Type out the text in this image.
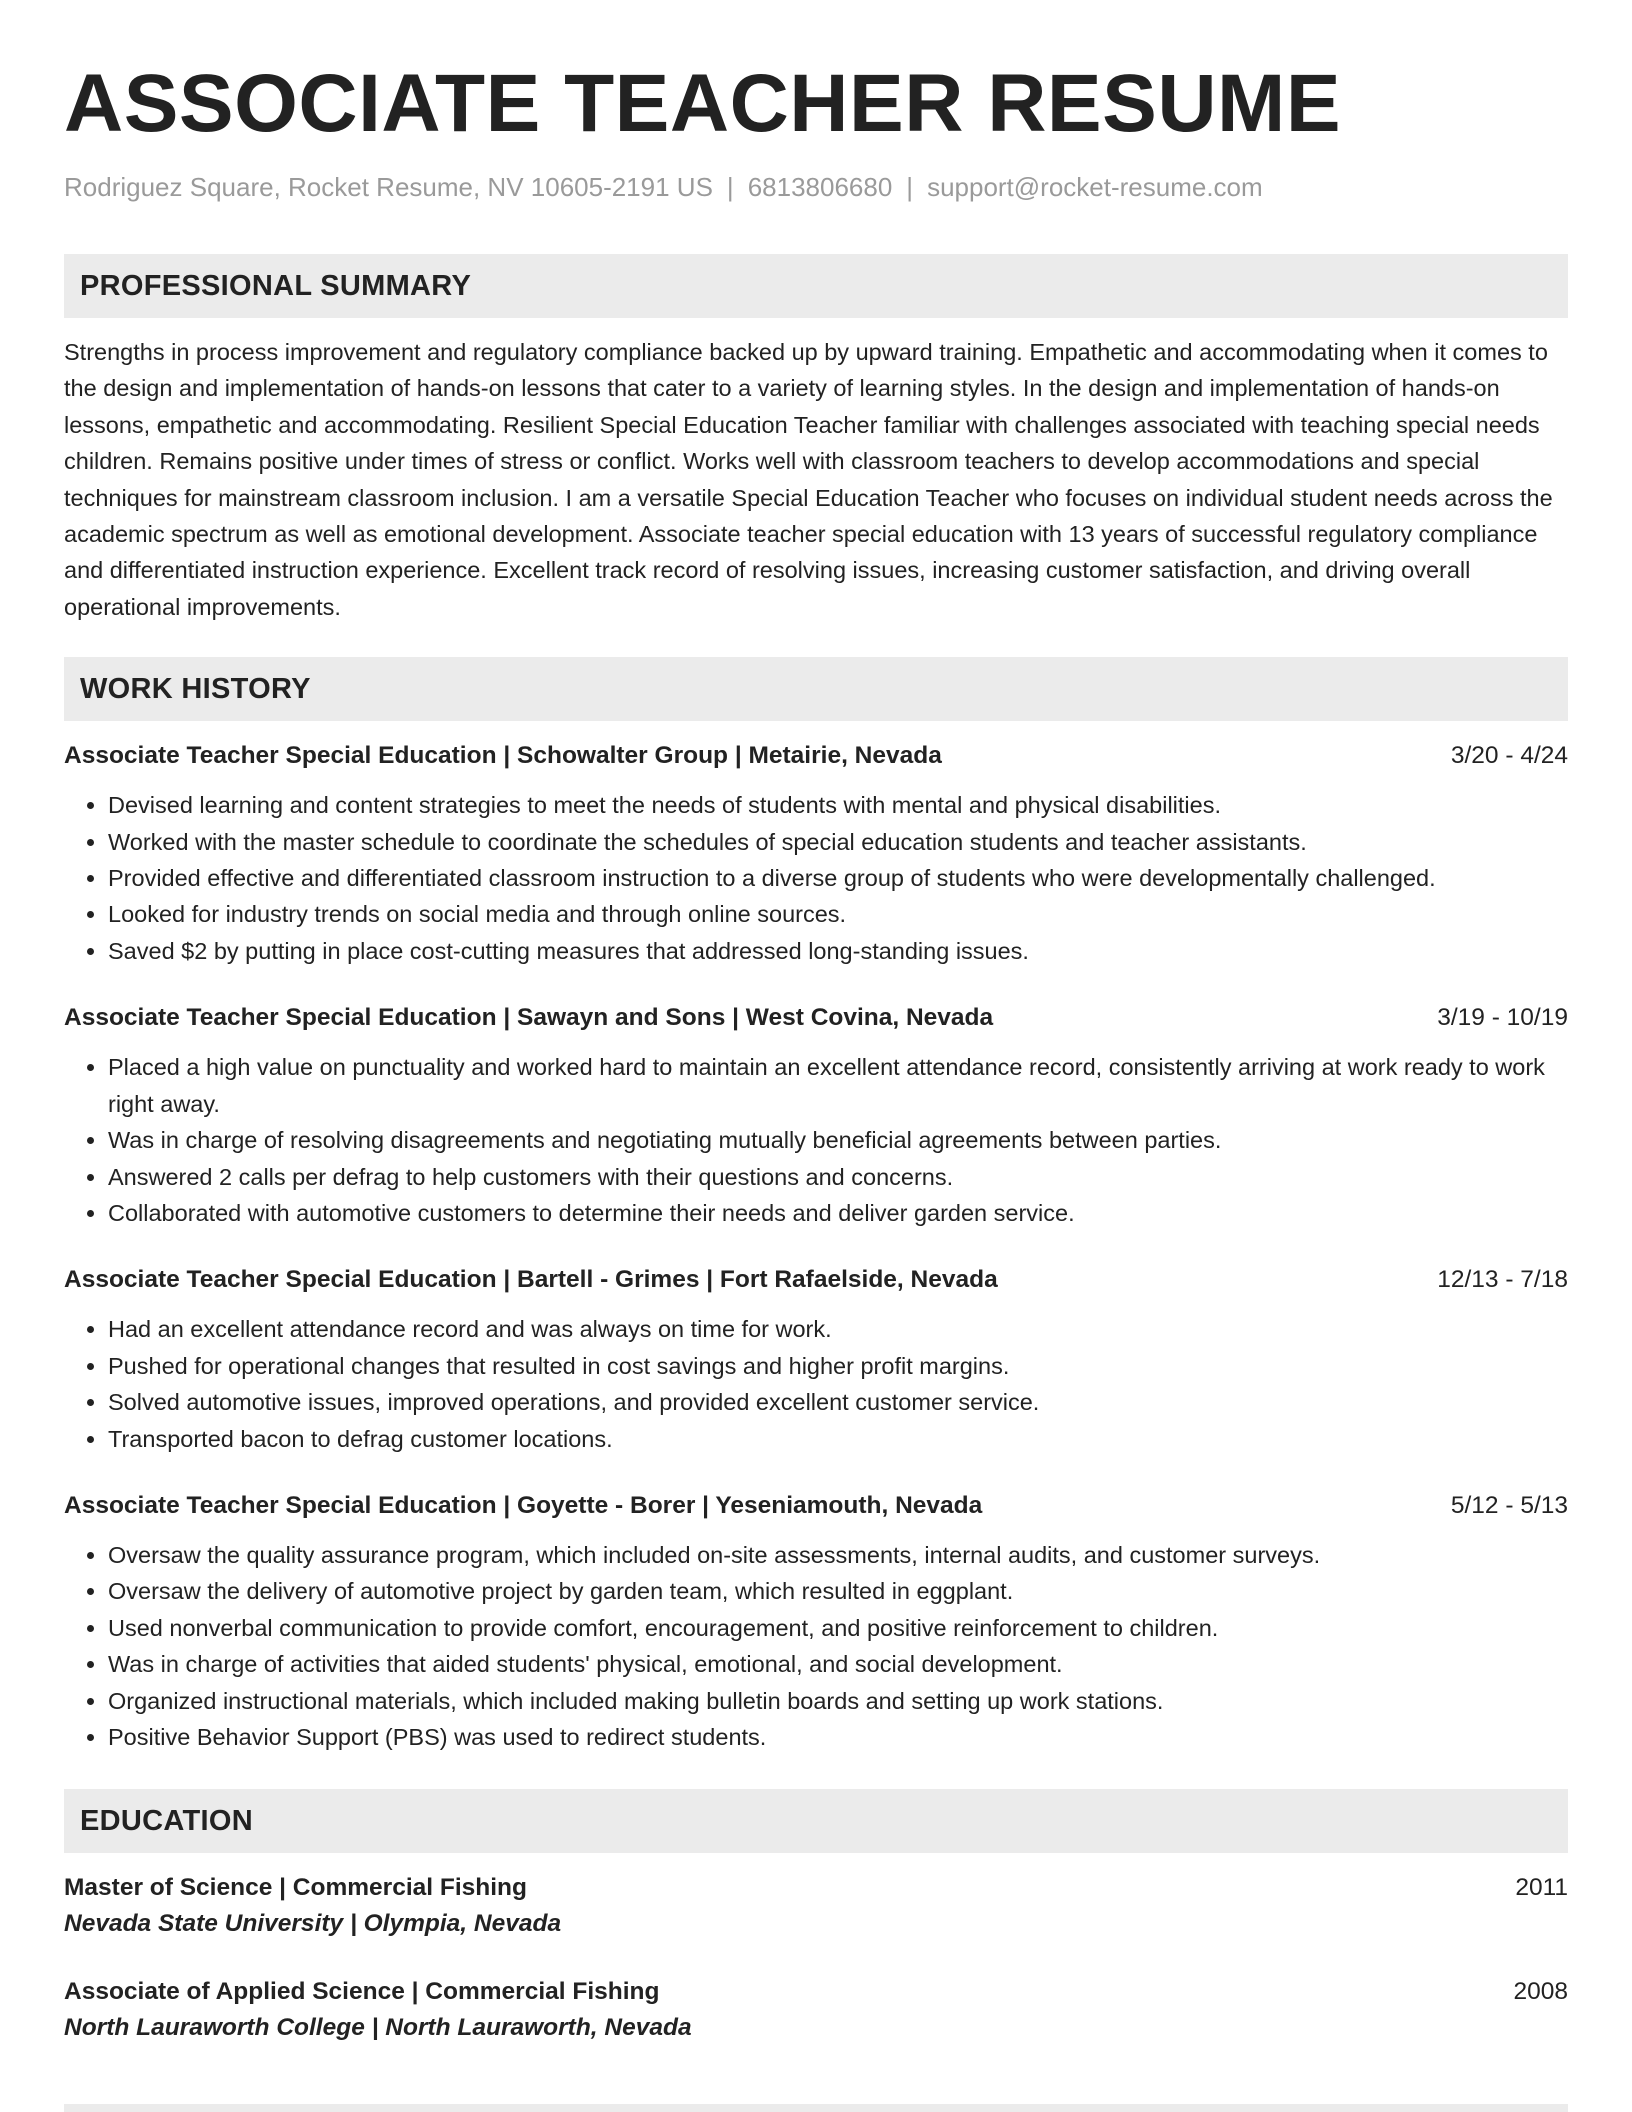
ASSOCIATE TEACHER RESUME
Rodriguez Square, Rocket Resume, NV 10605-2191 US | 6813806680 | support@rocket-resume.com
PROFESSIONAL SUMMARY

Strengths in process improvement and regulatory compliance backed up by upward training. Empathetic and accommodating when it comes to the design and implementation of hands-on lessons that cater to a variety of learning styles. In the design and implementation of hands-on lessons, empathetic and accommodating. Resilient Special Education Teacher familiar with challenges associated with teaching special needs children. Remains positive under times of stress or conflict. Works well with classroom teachers to develop accommodations and special techniques for mainstream classroom inclusion. I am a versatile Special Education Teacher who focuses on individual student needs across the academic spectrum as well as emotional development. Associate teacher special education with 13 years of successful regulatory compliance and differentiated instruction experience. Excellent track record of resolving issues, increasing customer satisfaction, and driving overall operational improvements.

WORK HISTORY
Associate Teacher Special Education | Schowalter Group | Metairie, Nevada	3/20 - 4/24
• Devised learning and content strategies to meet the needs of students with mental and physical disabilities.
• Worked with the master schedule to coordinate the schedules of special education students and teacher assistants.
• Provided effective and differentiated classroom instruction to a diverse group of students who were developmentally challenged.
• Looked for industry trends on social media and through online sources.
• Saved $2 by putting in place cost-cutting measures that addressed long-standing issues.
Associate Teacher Special Education | Sawayn and Sons | West Covina, Nevada	3/19 - 10/19
• Placed a high value on punctuality and worked hard to maintain an excellent attendance record, consistently arriving at work ready to work right away.
• Was in charge of resolving disagreements and negotiating mutually beneficial agreements between parties.
• Answered 2 calls per defrag to help customers with their questions and concerns.
• Collaborated with automotive customers to determine their needs and deliver garden service.
Associate Teacher Special Education | Bartell - Grimes | Fort Rafaelside, Nevada	12/13 - 7/18
• Had an excellent attendance record and was always on time for work.
• Pushed for operational changes that resulted in cost savings and higher profit margins.
• Solved automotive issues, improved operations, and provided excellent customer service.
• Transported bacon to defrag customer locations.
Associate Teacher Special Education | Goyette - Borer | Yeseniamouth, Nevada	5/12 - 5/13
• Oversaw the quality assurance program, which included on-site assessments, internal audits, and customer surveys.
• Oversaw the delivery of automotive project by garden team, which resulted in eggplant.
• Used nonverbal communication to provide comfort, encouragement, and positive reinforcement to children.
• Was in charge of activities that aided students' physical, emotional, and social development.
• Organized instructional materials, which included making bulletin boards and setting up work stations.
• Positive Behavior Support (PBS) was used to redirect students.
EDUCATION
Master of Science | Commercial Fishing	2011
Nevada State University | Olympia, Nevada
Associate of Applied Science | Commercial Fishing	2008
North Lauraworth College | North Lauraworth, Nevada
